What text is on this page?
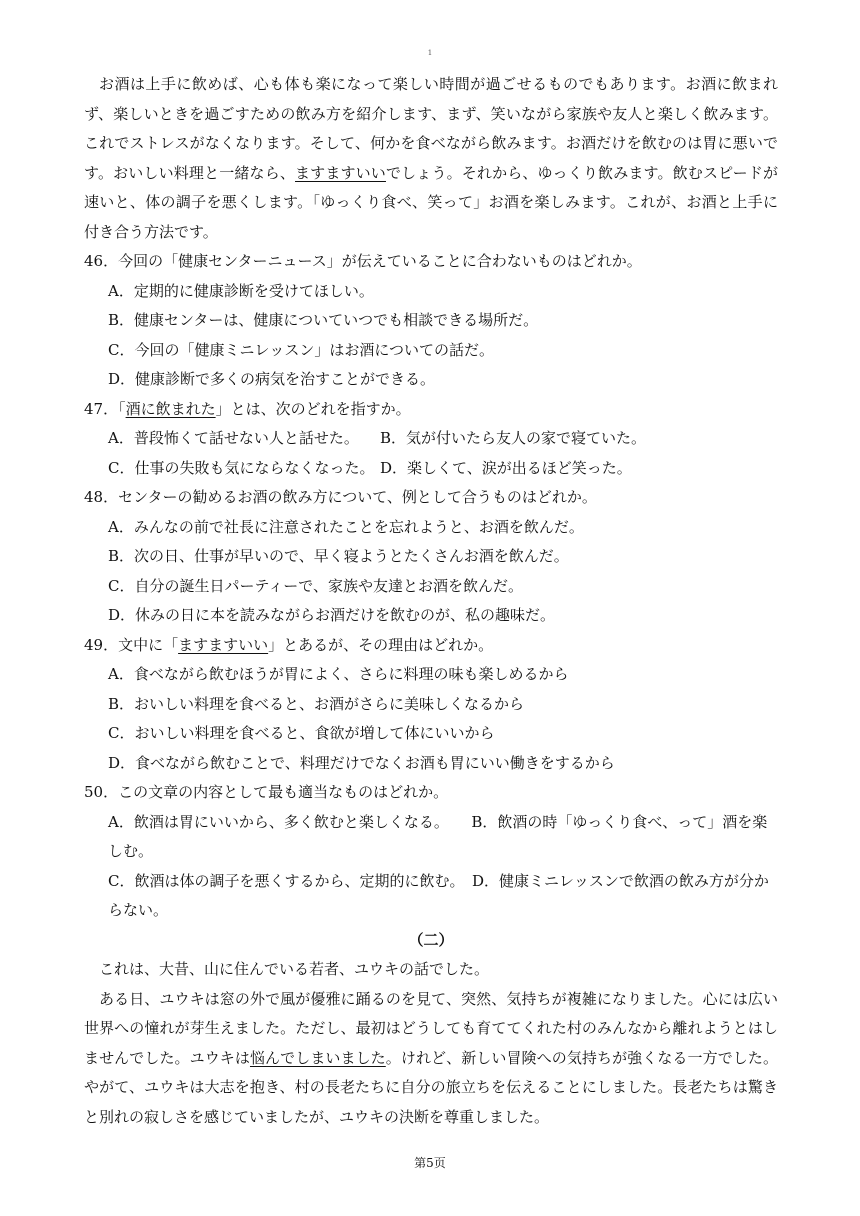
1

お酒は上手に飲めば、心も体も楽になって楽しい時間が過ごせるものでもあります。お酒に飲まれず、楽しいときを過ごすための飲み方を紹介します、まず、笑いながら家族や友人と楽しく飲みます。これでストレスがなくなります。そして、何かを食べながら飲みます。お酒だけを飲むのは胃に悪いです。おいしい料理と一緒なら、ますますいいでしょう。それから、ゆっくり飲みます。飲むスピードが速いと、体の調子を悪くします。「ゆっくり食べ、笑って」お酒を楽しみます。これが、お酒と上手に付き合う方法です。

46．今回の「健康センターニュース」が伝えていることに合わないものはどれか。

A．定期的に健康診断を受けてほしい。

B．健康センターは、健康についていつでも相談できる場所だ。

C．今回の「健康ミニレッスン」はお酒についての話だ。

D．健康診断で多くの病気を治すことができる。

47．「酒に飲まれた」とは、次のどれを指すか。

A．普段怖くて話せない人と話せた。	B．気が付いたら友人の家で寝ていた。

C．仕事の失敗も気にならなくなった。 D．楽しくて、涙が出るほど笑った。

48．センターの勧めるお酒の飲み方について、例として合うものはどれか。

A．みんなの前で社長に注意されたことを忘れようと、お酒を飲んだ。

B．次の日、仕事が早いので、早く寝ようとたくさんお酒を飲んだ。

C．自分の誕生日パーティーで、家族や友達とお酒を飲んだ。

D．休みの日に本を読みながらお酒だけを飲むのが、私の趣味だ。

49．文中に「ますますいい」とあるが、その理由はどれか。

A．食べながら飲むほうが胃によく、さらに料理の味も楽しめるから

B．おいしい料理を食べると、お酒がさらに美味しくなるから

C．おいしい料理を食べると、食欲が増して体にいいから

D．食べながら飲むことで、料理だけでなくお酒も胃にいい働きをするから

50．この文章の内容として最も適当なものはどれか。

A．飲酒は胃にいいから、多く飲むと楽しくなる。   B．飲酒の時「ゆっくり食べ、って」酒を楽しむ。

C．飲酒は体の調子を悪くするから、定期的に飲む。  D．健康ミニレッスンで飲酒の飲み方が分からない。

（二）

これは、大昔、山に住んでいる若者、ユウキの話でした。

ある日、ユウキは窓の外で風が優雅に踊るのを見て、突然、気持ちが複雑になりました。心には広い世界への憧れが芽生えました。ただし、最初はどうしても育ててくれた村のみんなから離れようとはしませんでした。ユウキは悩んでしまいました。けれど、新しい冒険への気持ちが強くなる一方でした。やがて、ユウキは大志を抱き、村の長老たちに自分の旅立ちを伝えることにしました。長老たちは驚きと別れの寂しさを感じていましたが、ユウキの決断を尊重しました。

第5页
